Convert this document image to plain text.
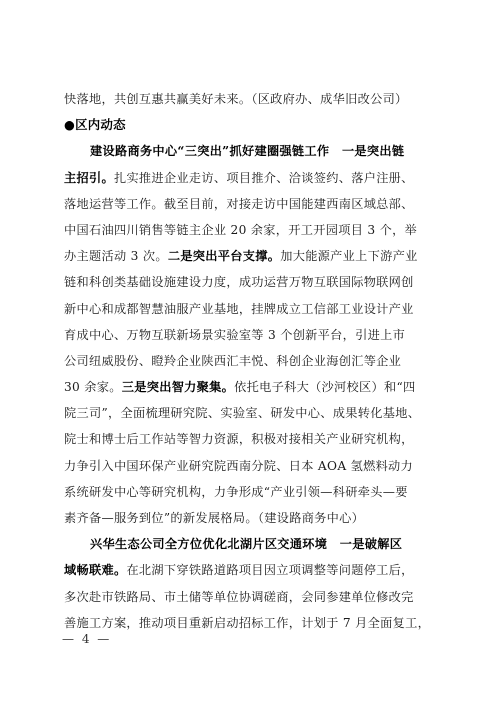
快落地，共创互惠共赢美好未来。（区政府办、成华旧改公司）
●区内动态
建设路商务中心“三突出”抓好建圈强链工作 一是突出链
主招引。扎实推进企业走访、项目推介、洽谈签约、落户注册、
落地运营等工作。截至目前，对接走访中国能建西南区域总部、
中国石油四川销售等链主企业 20 余家，开工开园项目 3 个，举
办主题活动 3 次。二是突出平台支撑。加大能源产业上下游产业
链和科创类基础设施建设力度，成功运营万物互联国际物联网创
新中心和成都智慧油服产业基地，挂牌成立工信部工业设计产业
育成中心、万物互联新场景实验室等 3 个创新平台，引进上市
公司纽威股份、瞪羚企业陕西汇丰悦、科创企业海创汇等企业
30 余家。三是突出智力聚集。依托电子科大（沙河校区）和“四
院三司”，全面梳理研究院、实验室、研发中心、成果转化基地、
院士和博士后工作站等智力资源，积极对接相关产业研究机构，
力争引入中国环保产业研究院西南分院、日本 AOA 氢燃料动力
系统研发中心等研究机构，力争形成“产业引领—科研牵头—要
素齐备—服务到位”的新发展格局。（建设路商务中心）
兴华生态公司全方位优化北湖片区交通环境 一是破解区
域畅联难。在北湖下穿铁路道路项目因立项调整等问题停工后，
多次赴市铁路局、市土储等单位协调磋商，会同参建单位修改完
善施工方案，推动项目重新启动招标工作，计划于 7 月全面复工，
— 4 —
